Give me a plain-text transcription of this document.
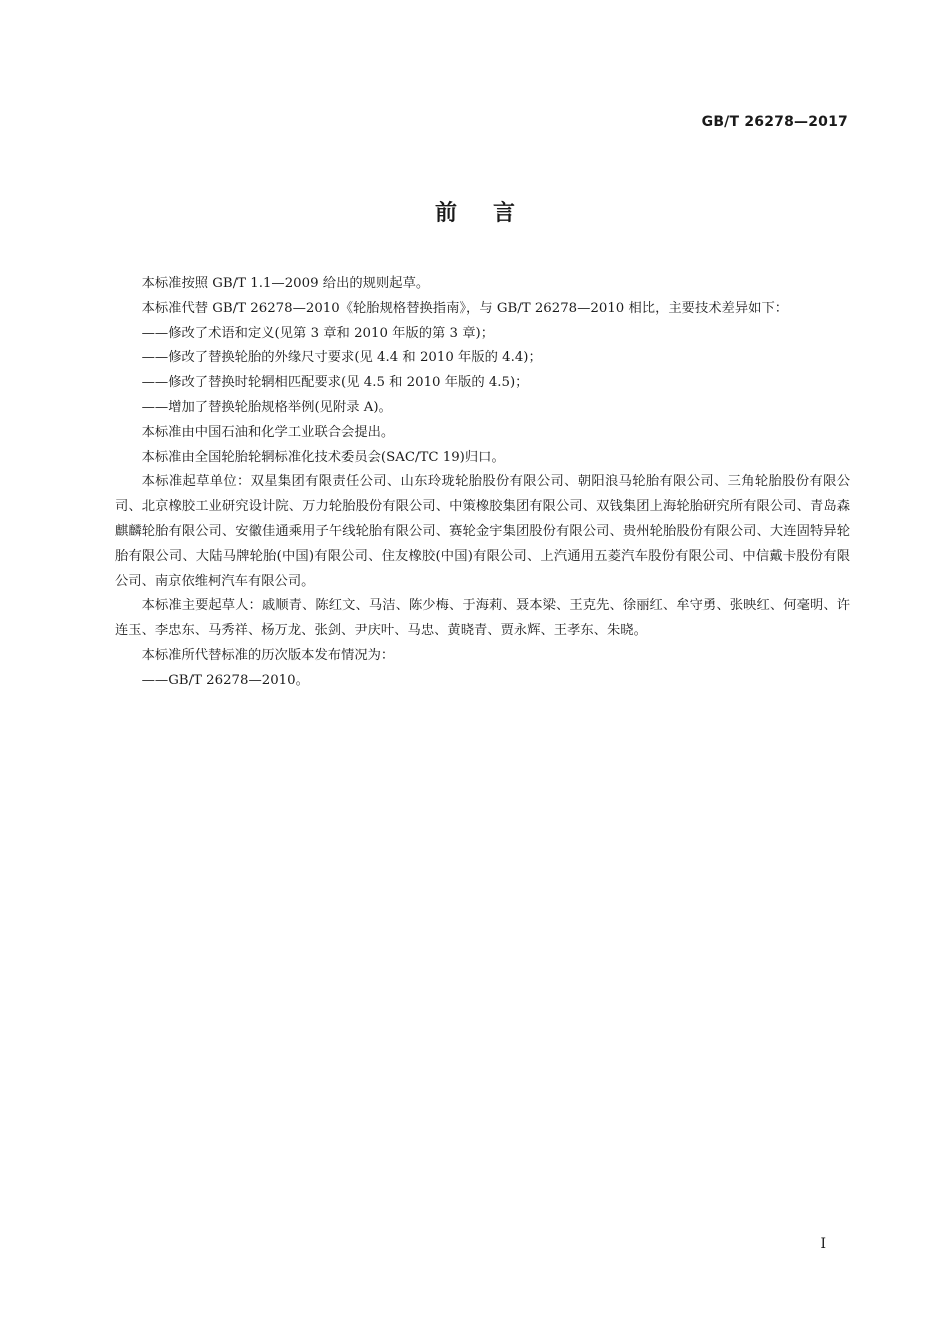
GB/T 26278—2017
前言

本标准按照 GB/T 1.1—2009 给出的规则起草。

本标准代替 GB/T 26278—2010《轮胎规格替换指南》，与 GB/T 26278—2010 相比，主要技术差异如下：

——修改了术语和定义(见第 3 章和 2010 年版的第 3 章)；

——修改了替换轮胎的外缘尺寸要求(见 4.4 和 2010 年版的 4.4)；

——修改了替换时轮辋相匹配要求(见 4.5 和 2010 年版的 4.5)；

——增加了替换轮胎规格举例(见附录 A)。

本标准由中国石油和化学工业联合会提出。

本标准由全国轮胎轮辋标准化技术委员会(SAC/TC 19)归口。

本标准起草单位：双星集团有限责任公司、山东玲珑轮胎股份有限公司、朝阳浪马轮胎有限公司、三角轮胎股份有限公司、北京橡胶工业研究设计院、万力轮胎股份有限公司、中策橡胶集团有限公司、双钱集团上海轮胎研究所有限公司、青岛森麒麟轮胎有限公司、安徽佳通乘用子午线轮胎有限公司、赛轮金宇集团股份有限公司、贵州轮胎股份有限公司、大连固特异轮胎有限公司、大陆马牌轮胎(中国)有限公司、住友橡胶(中国)有限公司、上汽通用五菱汽车股份有限公司、中信戴卡股份有限公司、南京依维柯汽车有限公司。

本标准主要起草人：戚顺青、陈红文、马洁、陈少梅、于海莉、聂本梁、王克先、徐丽红、牟守勇、张映红、何毫明、许连玉、李忠东、马秀祥、杨万龙、张剑、尹庆叶、马忠、黄晓青、贾永辉、王孝东、朱晓。

本标准所代替标准的历次版本发布情况为：

——GB/T 26278—2010。

I
